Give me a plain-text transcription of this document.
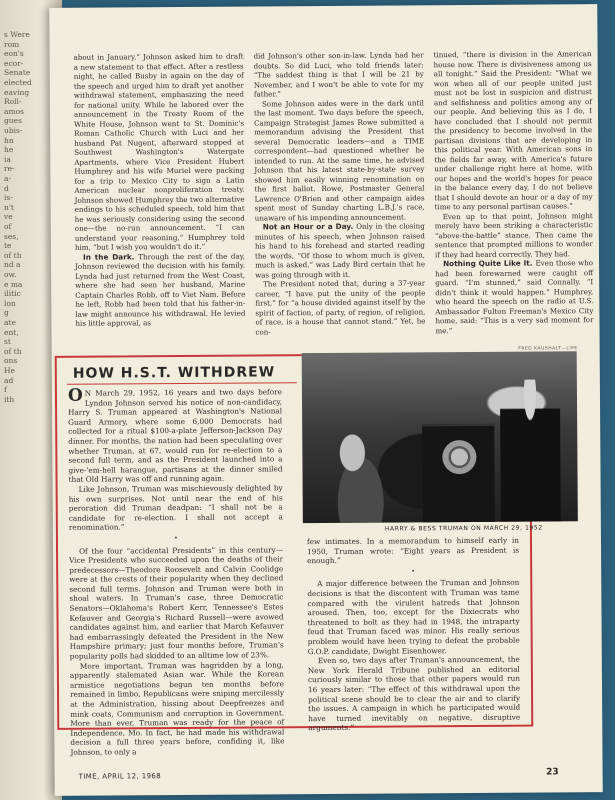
s Were
rom
eon's
ecor-
Senate
elected
eaving
Roll-
amos
gues
ubis-
hn
he
ia
re-
a-
d
is-
n't
ve
of
ses,
te
of th
nd a
ow.
e ma
ilitic
lon
g
ate
ent,
st
of th
ons
He
ad
f
ith

about in January.” Johnson asked him to draft a new statement to that effect. After a restless night, he called Busby in again on the day of the speech and urged him to draft yet another withdrawal statement, emphasizing the need for national unity. While he labored over the announcement in the Treaty Room of the White House, Johnson went to St. Dominic's Roman Catholic Church with Luci and her husband Pat Nugent, afterward stopped at Southwest Washington's Watergate Apartments, where Vice President Hubert Humphrey and his wife Muriel were packing for a trip to Mexico City to sign a Latin American nuclear nonproliferation treaty. Johnson showed Humphrey the two alternative endings to his scheduled speech, told him that he was seriously considering using the second one—the no-run announcement. “I can understand your reasoning,” Humphrey told him, “but I wish you wouldn't do it.”

In the Dark. Through the rest of the day, Johnson reviewed the decision with his family. Lynda had just returned from the West Coast, where she had seen her husband, Marine Captain Charles Robb, off to Viet Nam. Before he left, Robb had been told that his father-in-law might announce his withdrawal. He levied his little approval, as

did Johnson's other son-in-law. Lynda had her doubts. So did Luci, who told friends later: “The saddest thing is that I will be 21 by November, and I won't be able to vote for my father.”

Some Johnson aides were in the dark until the last moment. Two days before the speech, Campaign Strategist James Rowe submitted a memorandum advising the President that several Democratic leaders—and a TIME correspondent—had questioned whether he intended to run. At the same time, he advised Johnson that his latest state-by-state survey showed him easily winning renomination on the first ballot. Rowe, Postmaster General Lawrence O'Brien and other campaign aides spent most of Sunday charting L.B.J.'s race, unaware of his impending announcement.

Not an Hour or a Day. Only in the closing minutes of his speech, when Johnson raised his hand to his forehead and started reading the words, “Of those to whom much is given, much is asked,” was Lady Bird certain that he was going through with it.

The President noted that, during a 37-year career, “I have put the unity of the people first,” for “a house divided against itself by the spirit of faction, of party, of region, of religion, of race, is a house that cannot stand.” Yet, he con-

tinued, “there is division in the American house now. There is divisiveness among us all tonight.” Said the President: “What we won when all of our people united just must not be lost in suspicion and distrust and selfishness and politics among any of our people. And believing this as I do, I have concluded that I should not permit the presidency to become involved in the partisan divisions that are developing in this political year. With American sons in the fields far away, with America's future under challenge right here at home, with our hopes and the world's hopes for peace in the balance every day, I do not believe that I should devote an hour or a day of my time to any personal partisan causes.”

Even up to that point, Johnson might merely have been striking a characteristic “above-the-battle” stance. Then came the sentence that prompted millions to wonder if they had heard correctly. They had.

Nothing Quite Like It. Even those who had been forewarned were caught off guard. “I'm stunned,” said Connally. “I didn't think it would happen.” Humphrey, who heard the speech on the radio at U.S. Ambassador Fulton Freeman's Mexico City home, said: “This is a very sad moment for me.”

FRED KAUSHALT—LIFE
HOW H.S.T. WITHDREW
HARRY & BESS TRUMAN ON MARCH 29, 1952

O N March 29, 1952, 16 years and two days before Lyndon Johnson served his notice of non-candidacy, Harry S. Truman appeared at Washington's National Guard Armory, where some 6,000 Democrats had collected for a ritual $100-a-plate Jefferson-Jackson Day dinner. For months, the nation had been speculating over whether Truman, at 67, would run for re-election to a second full term, and as the President launched into a give-'em-hell harangue, partisans at the dinner smiled that Old Harry was off and running again.

Like Johnson, Truman was mischievously delighted by his own surprises. Not until near the end of his peroration did Truman deadpan: “I shall not be a candidate for re-election. I shall not accept a renomination.”

•

Of the four “accidental Presidents” in this century—Vice Presidents who succeeded upon the deaths of their predecessors—Theodore Roosevelt and Calvin Coolidge were at the crests of their popularity when they declined second full terms. Johnson and Truman were both in shoal waters. In Truman's case, three Democratic Senators—Oklahoma's Robert Kerr, Tennessee's Estes Kefauver and Georgia's Richard Russell—were avowed candidates against him, and earlier that March Kefauver had embarrassingly defeated the President in the New Hampshire primary; just four months before, Truman's popularity polls had skidded to an alltime low of 23%.

More important, Truman was hagridden by a long, apparently stalemated Asian war. While the Korean armistice negotiations begun ten months before remained in limbo, Republicans were sniping mercilessly at the Administration, hissing about Deepfreezes and mink coats, Communism and corruption in Government. More than ever, Truman was ready for the peace of Independence, Mo. In fact, he had made his withdrawal decision a full three years before, confiding it, like Johnson, to only a

few intimates. In a memorandum to himself early in 1950, Truman wrote: “Eight years as President is enough.”

•

A major difference between the Truman and Johnson decisions is that the discontent with Truman was tame compared with the virulent hatreds that Johnson aroused. Then, too, except for the Dixiecrats who threatened to bolt as they had in 1948, the intraparty feud that Truman faced was minor. His really serious problem would have been trying to defeat the probable G.O.P. candidate, Dwight Eisenhower.

Even so, two days after Truman's announcement, the New York Herald Tribune published an editorial curiously similar to those that other papers would run 16 years later: “The effect of this withdrawal upon the political scene should be to clear the air and to clarify the issues. A campaign in which he participated would have turned inevitably on negative, disruptive arguments.”

TIME, APRIL 12, 1968	23
